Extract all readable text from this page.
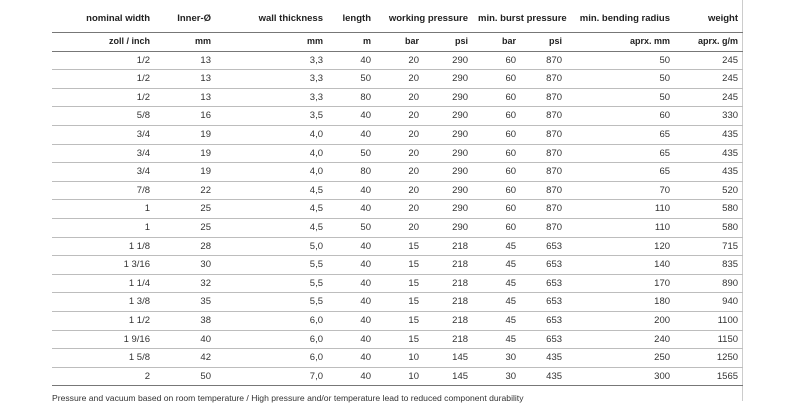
nominal width	Inner-Ø	wall thickness	length	working pressure		min. burst pressure		min. bending radius	weight
zoll / inch	mm	mm	m	bar	psi	bar	psi	aprx. mm	aprx. g/m
1/2	13	3,3	40	20	290	60	870	50	245
1/2	13	3,3	50	20	290	60	870	50	245
1/2	13	3,3	80	20	290	60	870	50	245
5/8	16	3,5	40	20	290	60	870	60	330
3/4	19	4,0	40	20	290	60	870	65	435
3/4	19	4,0	50	20	290	60	870	65	435
3/4	19	4,0	80	20	290	60	870	65	435
7/8	22	4,5	40	20	290	60	870	70	520
1	25	4,5	40	20	290	60	870	110	580
1	25	4,5	50	20	290	60	870	110	580
1 1/8	28	5,0	40	15	218	45	653	120	715
1 3/16	30	5,5	40	15	218	45	653	140	835
1 1/4	32	5,5	40	15	218	45	653	170	890
1 3/8	35	5,5	40	15	218	45	653	180	940
1 1/2	38	6,0	40	15	218	45	653	200	1100
1 9/16	40	6,0	40	15	218	45	653	240	1150
1 5/8	42	6,0	40	10	145	30	435	250	1250
2	50	7,0	40	10	145	30	435	300	1565
Pressure and vacuum based on room temperature / High pressure and/or temperature lead to reduced component durability
